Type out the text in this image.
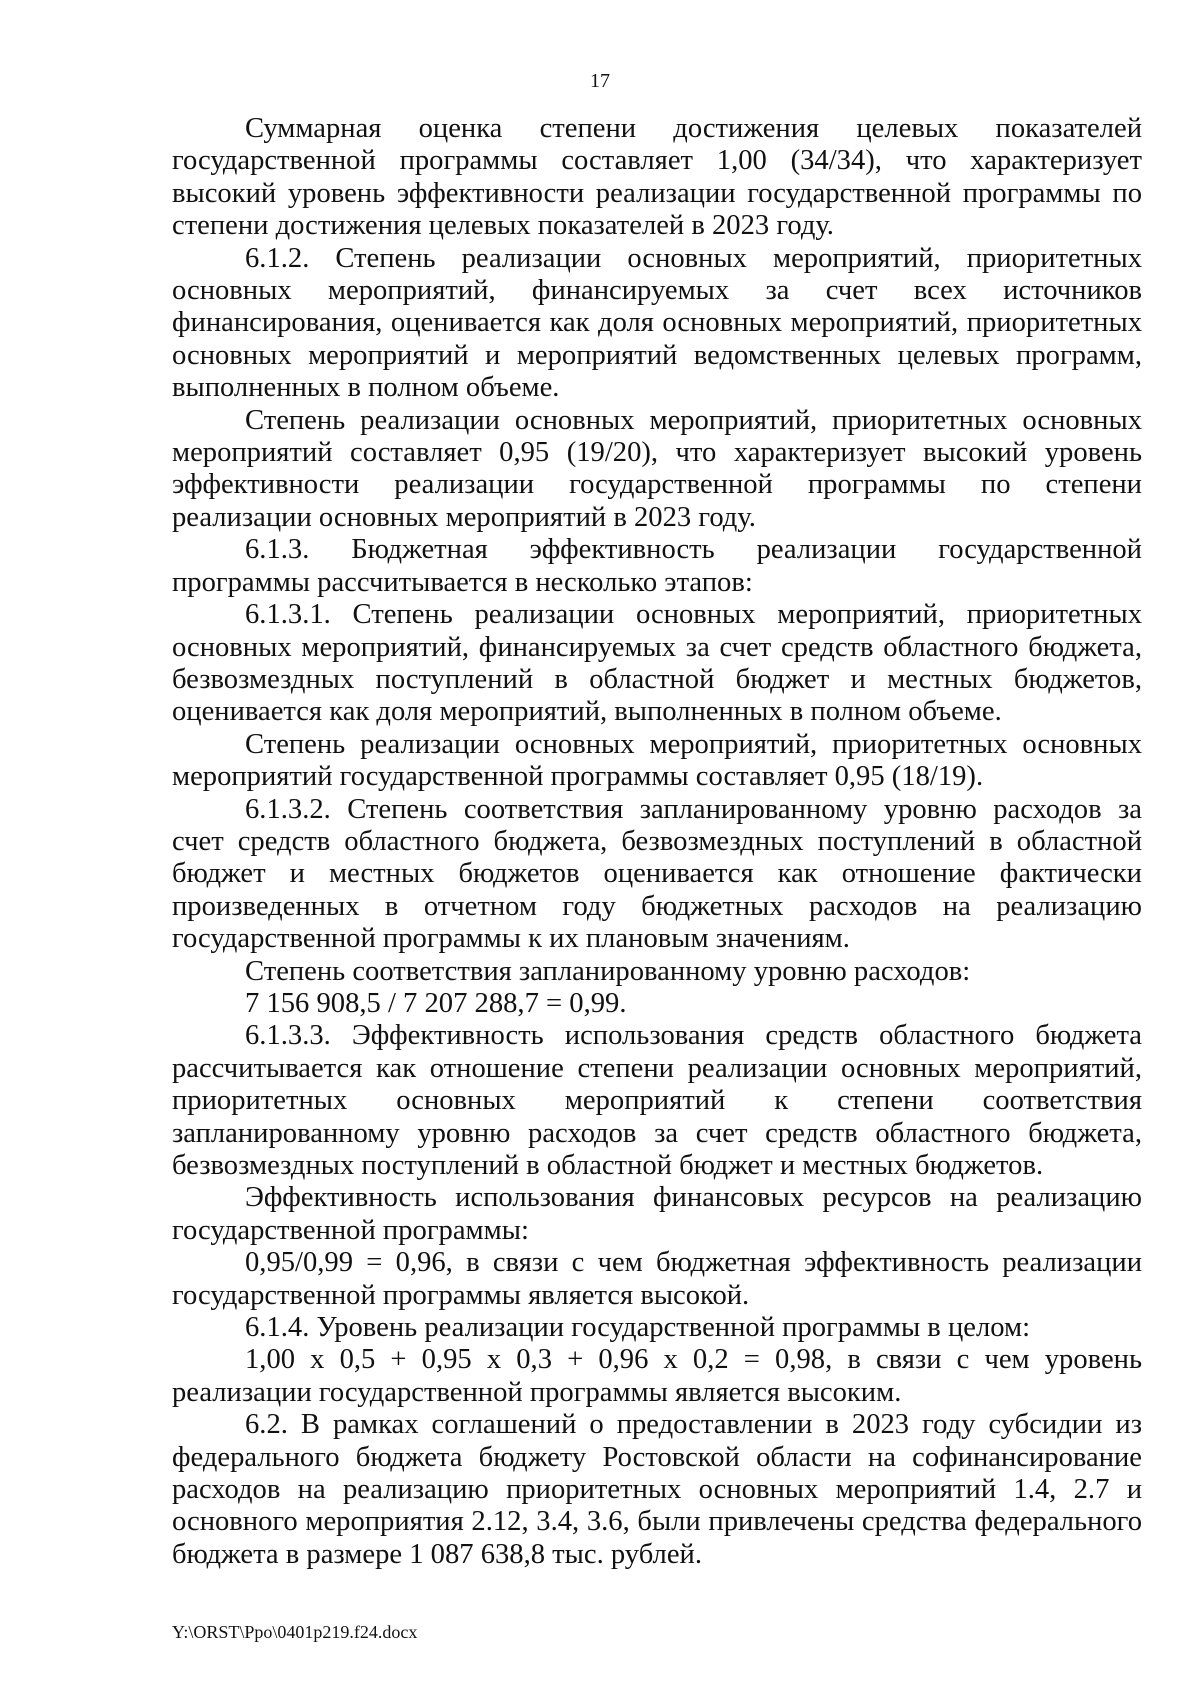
17

Суммарная оценка степени достижения целевых показателей государственной программы составляет 1,00 (34/34), что характеризует высокий уровень эффективности реализации государственной программы по степени достижения целевых показателей в 2023 году.

6.1.2. Степень реализации основных мероприятий, приоритетных основных мероприятий, финансируемых за счет всех источников финансирования, оценивается как доля основных мероприятий, приоритетных основных мероприятий и мероприятий ведомственных целевых программ, выполненных в полном объеме.

Степень реализации основных мероприятий, приоритетных основных мероприятий составляет 0,95 (19/20), что характеризует высокий уровень эффективности реализации государственной программы по степени реализации основных мероприятий в 2023 году.

6.1.3. Бюджетная эффективность реализации государственной программы рассчитывается в несколько этапов:

6.1.3.1. Степень реализации основных мероприятий, приоритетных основных мероприятий, финансируемых за счет средств областного бюджета, безвозмездных поступлений в областной бюджет и местных бюджетов, оценивается как доля мероприятий, выполненных в полном объеме.

Степень реализации основных мероприятий, приоритетных основных мероприятий государственной программы составляет 0,95 (18/19).

6.1.3.2. Степень соответствия запланированному уровню расходов за счет средств областного бюджета, безвозмездных поступлений в областной бюджет и местных бюджетов оценивается как отношение фактически произведенных в отчетном году бюджетных расходов на реализацию государственной программы к их плановым значениям.

Степень соответствия запланированному уровню расходов:

7 156 908,5 / 7 207 288,7 = 0,99.

6.1.3.3. Эффективность использования средств областного бюджета рассчитывается как отношение степени реализации основных мероприятий, приоритетных основных мероприятий к степени соответствия запланированному уровню расходов за счет средств областного бюджета, безвозмездных поступлений в областной бюджет и местных бюджетов.

Эффективность использования финансовых ресурсов на реализацию государственной программы:

0,95/0,99 = 0,96, в связи с чем бюджетная эффективность реализации государственной программы является высокой.

6.1.4. Уровень реализации государственной программы в целом:

1,00 х 0,5 + 0,95 х 0,3 + 0,96 х 0,2 = 0,98, в связи с чем уровень реализации государственной программы является высоким.

6.2. В рамках соглашений о предоставлении в 2023 году субсидии из федерального бюджета бюджету Ростовской области на софинансирование расходов на реализацию приоритетных основных мероприятий 1.4, 2.7 и основного мероприятия 2.12, 3.4, 3.6, были привлечены средства федерального бюджета в размере 1 087 638,8 тыс. рублей.

Y:\ORST\Ppo\0401p219.f24.docx
